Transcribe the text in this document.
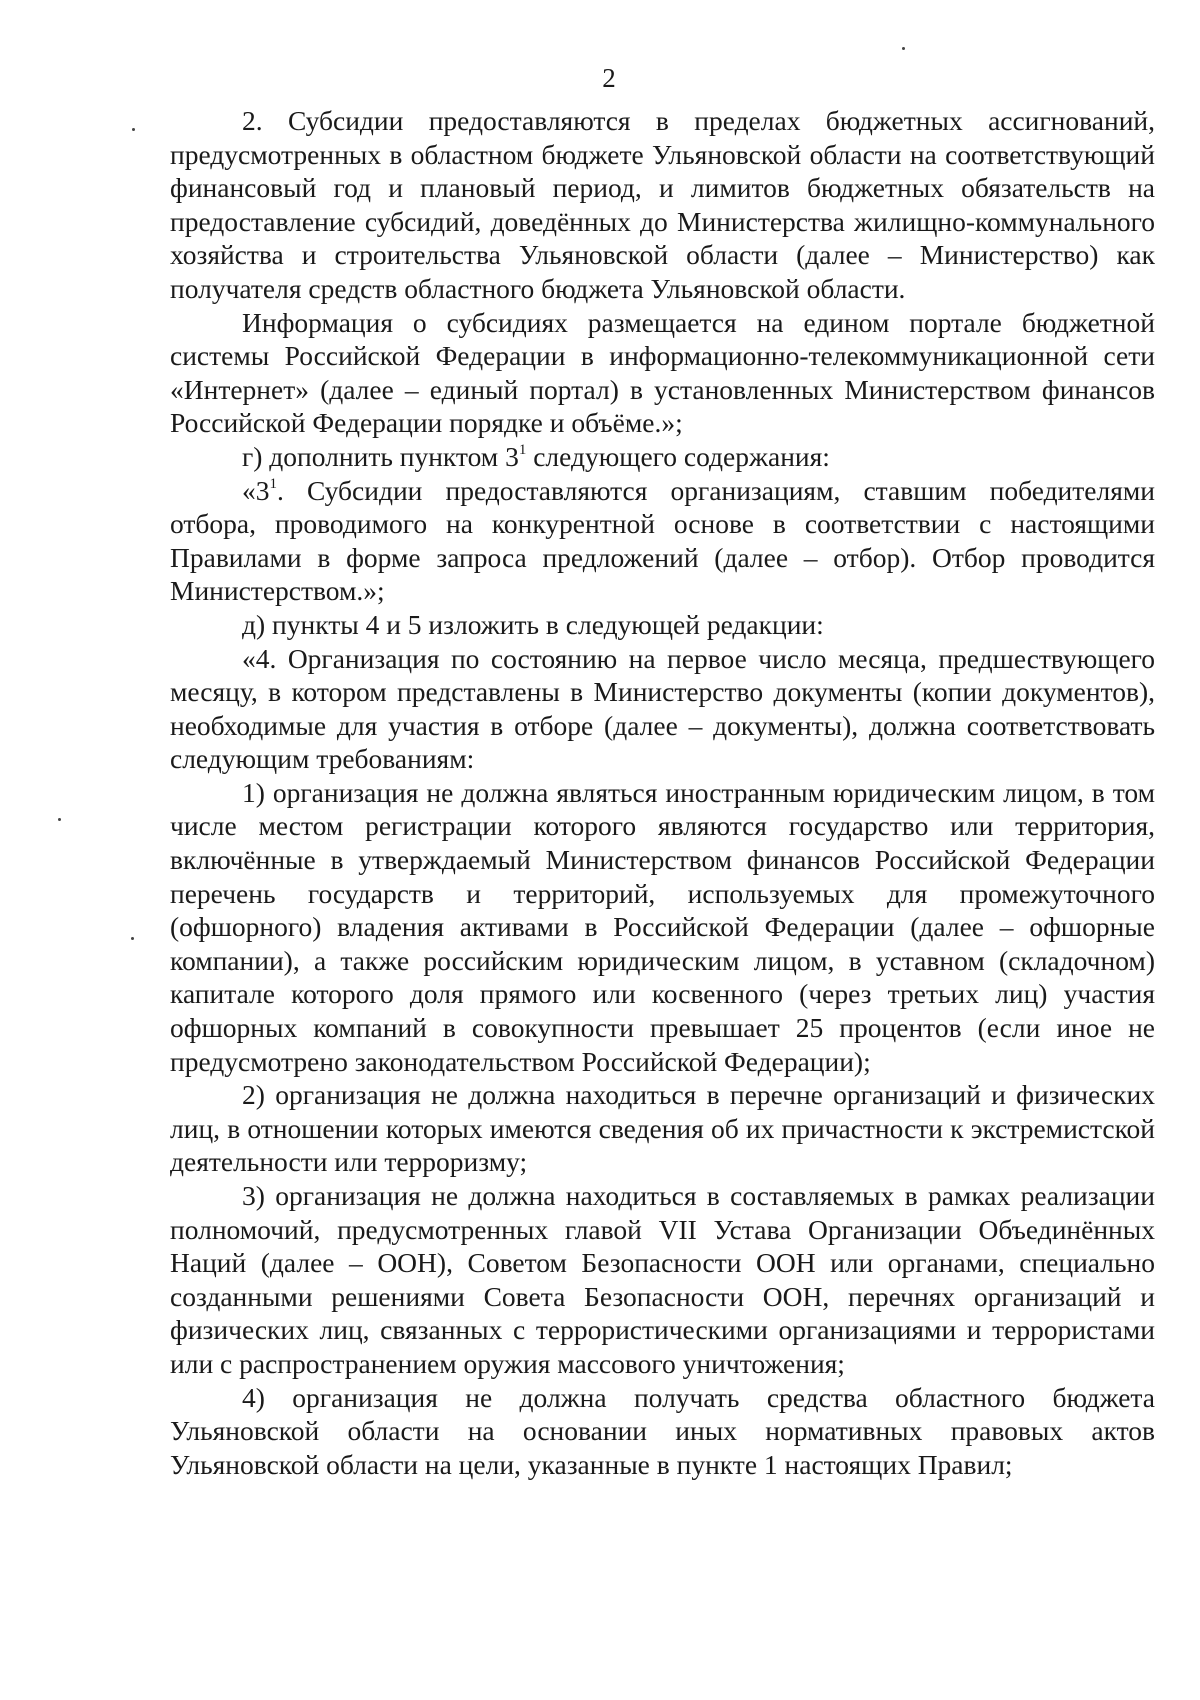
2

2. Субсидии предоставляются в пределах бюджетных ассигнований, предусмотренных в областном бюджете Ульяновской области на соответствующий финансовый год и плановый период, и лимитов бюджетных обязательств на предоставление субсидий, доведённых до Министерства жилищно-коммунального хозяйства и строительства Ульяновской области (далее – Министерство) как получателя средств областного бюджета Ульяновской области.

Информация о субсидиях размещается на едином портале бюджетной системы Российской Федерации в информационно-телекоммуникационной сети «Интернет» (далее – единый портал) в установленных Министерством финансов Российской Федерации порядке и объёме.»;

г) дополнить пунктом $3^1$ следующего содержания:

«$3^1$. Субсидии предоставляются организациям, ставшим победителями отбора, проводимого на конкурентной основе в соответствии с настоящими Правилами в форме запроса предложений (далее – отбор). Отбор проводится Министерством.»;

д) пункты 4 и 5 изложить в следующей редакции:

«4. Организация по состоянию на первое число месяца, предшествующего месяцу, в котором представлены в Министерство документы (копии документов), необходимые для участия в отборе (далее – документы), должна соответствовать следующим требованиям:

1) организация не должна являться иностранным юридическим лицом, в том числе местом регистрации которого являются государство или территория, включённые в утверждаемый Министерством финансов Российской Федерации перечень государств и территорий, используемых для промежуточного (офшорного) владения активами в Российской Федерации (далее – офшорные компании), а также российским юридическим лицом, в уставном (складочном) капитале которого доля прямого или косвенного (через третьих лиц) участия офшорных компаний в совокупности превышает 25 процентов (если иное не предусмотрено законодательством Российской Федерации);

2) организация не должна находиться в перечне организаций и физических лиц, в отношении которых имеются сведения об их причастности к экстремистской деятельности или терроризму;

3) организация не должна находиться в составляемых в рамках реализации полномочий, предусмотренных главой VII Устава Организации Объединённых Наций (далее – ООН), Советом Безопасности ООН или органами, специально созданными решениями Совета Безопасности ООН, перечнях организаций и физических лиц, связанных с террористическими организациями и террористами или с распространением оружия массового уничтожения;

4) организация не должна получать средства областного бюджета Ульяновской области на основании иных нормативных правовых актов Ульяновской области на цели, указанные в пункте 1 настоящих Правил;
